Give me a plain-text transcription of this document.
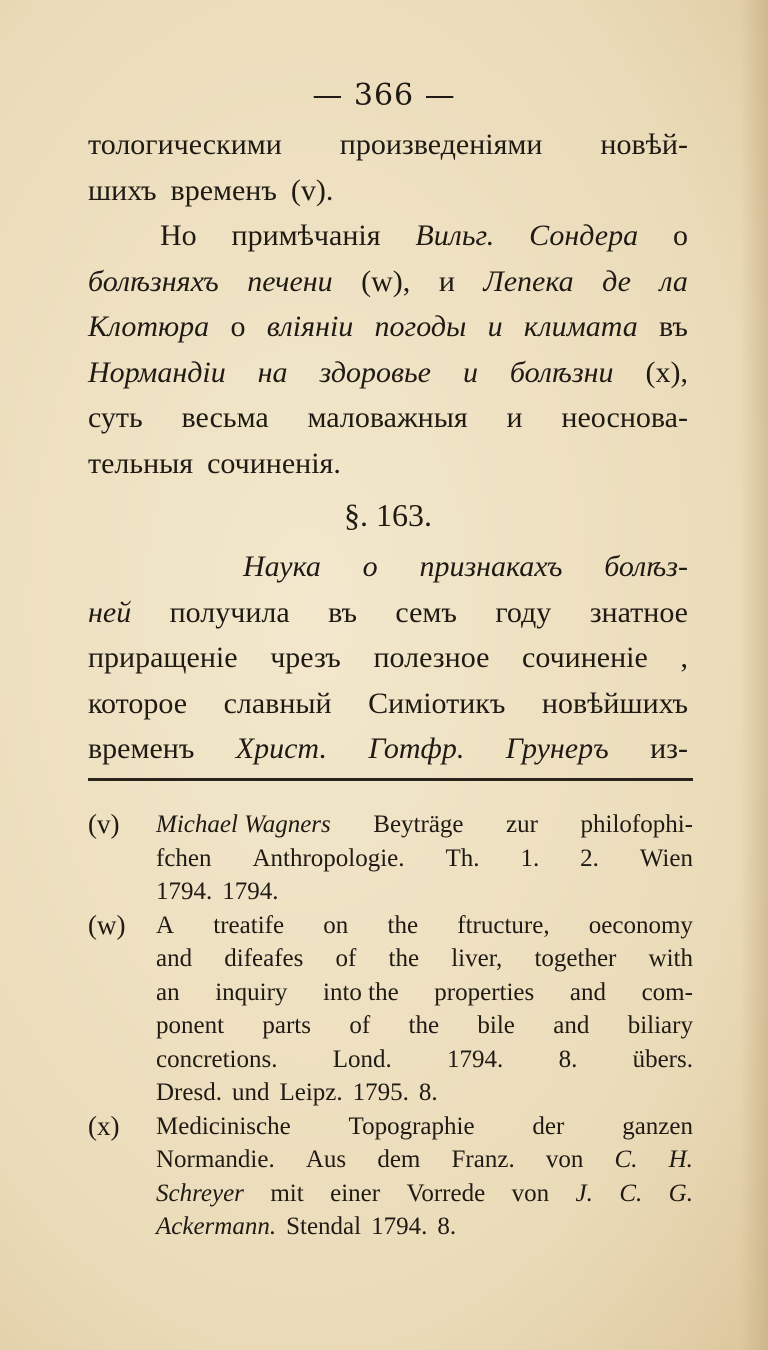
— 366 —
тологическими произведеніями новѣй-
шихъ временъ (v).
Но примѣчанія Вильг. Сондера о
болѣзняхъ печени (w), и Лепека де ла
Клотюра о вліяніи погоды и климата въ
Нормандіи на здоровье и болѣзни (x),
суть весьма маловажныя и неоснова-
тельныя сочиненія.
§. 163.
Наука о признакахъ болѣз-
ней получила въ семъ году знатное
приращеніе чрезъ полезное сочиненіе ,
которое славный Симіотикъ новѣйшихъ
временъ Христ. Готфр. Грунеръ из-
(v)	Michael Wagners Beyträge zur philofophi-
fchen Anthropologie. Th. 1. 2. Wien
1794. 1794.
(w)	A treatife on the ftructure, oeconomy
and difeafes of the liver, together with
an inquiry into the properties and com-
ponent parts of the bile and biliary
concretions. Lond. 1794. 8. übers.
Dresd. und Leipz. 1795. 8.
(x)	Medicinische Topographie der ganzen
Normandie. Aus dem Franz. von C. H.
Schreyer mit einer Vorrede von J. C. G.
Ackermann. Stendal 1794. 8.
